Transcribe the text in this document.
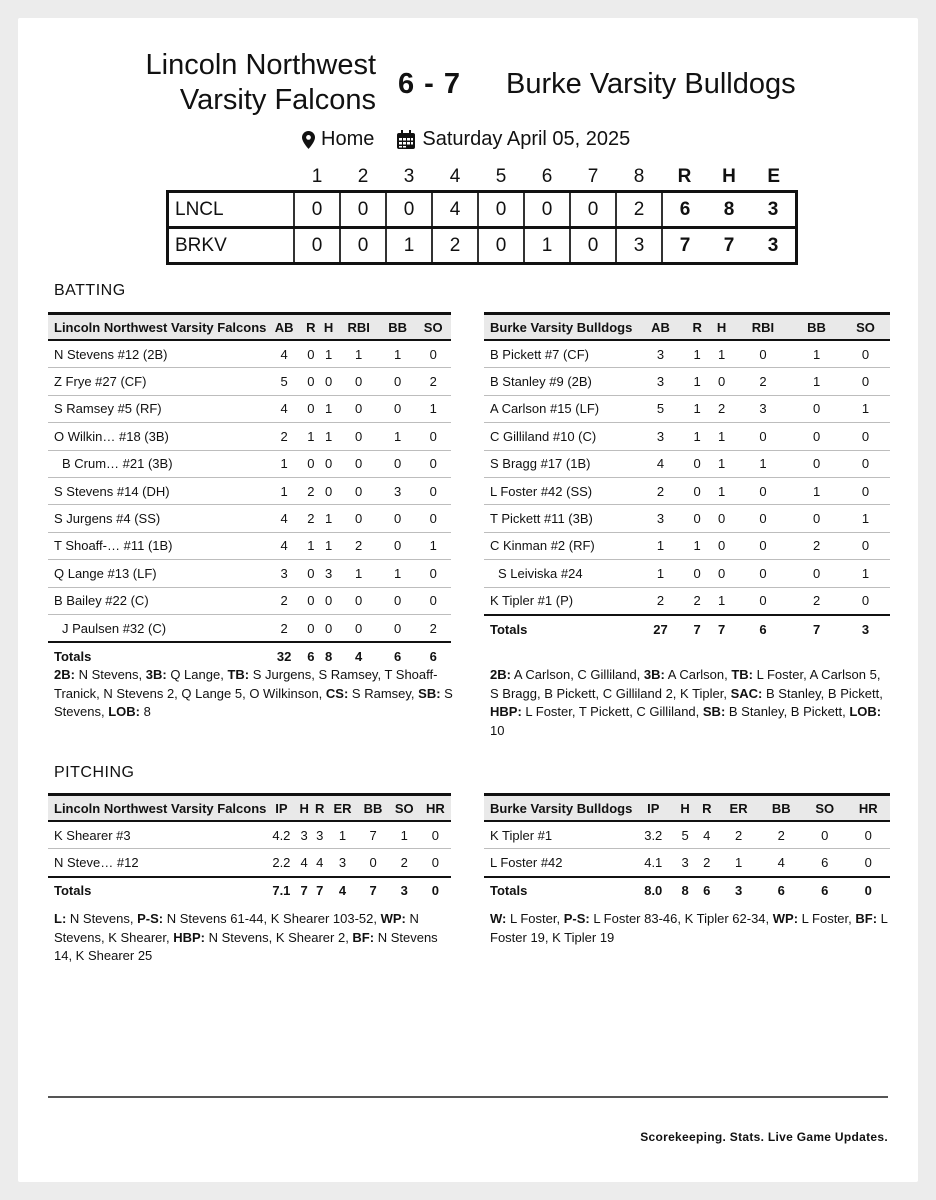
Lincoln Northwest Varsity Falcons 6 - 7	Burke Varsity Bulldogs
Home Saturday April 05, 2025
	1	2	3	4	5	6	7	8	R	H	E
LNCL	0	0	0	4	0	0	0	2	6	8	3
BRKV	0	0	1	2	0	1	0	3	7	7	3
BATTING
Lincoln Northwest Varsity Falcons	AB	R	H	RBI	BB	SO
N Stevens #12 (2B)	4	0	1	1	1	0
Z Frye #27 (CF)	5	0	0	0	0	2
S Ramsey #5 (RF)	4	0	1	0	0	1
O Wilkin… #18 (3B)	2	1	1	0	1	0
B Crum… #21 (3B)	1	0	0	0	0	0
S Stevens #14 (DH)	1	2	0	0	3	0
S Jurgens #4 (SS)	4	2	1	0	0	0
T Shoaff-… #11 (1B)	4	1	1	2	0	1
Q Lange #13 (LF)	3	0	3	1	1	0
B Bailey #22 (C)	2	0	0	0	0	0
J Paulsen #32 (C)	2	0	0	0	0	2
Totals	32	6	8	4	6	6
Burke Varsity Bulldogs	AB	R	H	RBI	BB	SO
B Pickett #7 (CF)	3	1	1	0	1	0
B Stanley #9 (2B)	3	1	0	2	1	0
A Carlson #15 (LF)	5	1	2	3	0	1
C Gilliland #10 (C)	3	1	1	0	0	0
S Bragg #17 (1B)	4	0	1	1	0	0
L Foster #42 (SS)	2	0	1	0	1	0
T Pickett #11 (3B)	3	0	0	0	0	1
C Kinman #2 (RF)	1	1	0	0	2	0
S Leiviska #24	1	0	0	0	0	1
K Tipler #1 (P)	2	2	1	0	2	0
Totals	27	7	7	6	7	3
2B: N Stevens, 3B: Q Lange, TB: S Jurgens, S Ramsey, T Shoaff-Tranick, N Stevens 2, Q Lange 5, O Wilkinson, CS: S Ramsey, SB: S Stevens, LOB: 8
2B: A Carlson, C Gilliland, 3B: A Carlson, TB: L Foster, A Carlson 5, S Bragg, B Pickett, C Gilliland 2, K Tipler, SAC: B Stanley, B Pickett, HBP: L Foster, T Pickett, C Gilliland, SB: B Stanley, B Pickett, LOB: 10
PITCHING
Lincoln Northwest Varsity Falcons	IP	H	R	ER	BB	SO	HR
K Shearer #3	4.2	3	3	1	7	1	0
N Steve… #12	2.2	4	4	3	0	2	0
Totals	7.1	7	7	4	7	3	0
Burke Varsity Bulldogs	IP	H	R	ER	BB	SO	HR
K Tipler #1	3.2	5	4	2	2	0	0
L Foster #42	4.1	3	2	1	4	6	0
Totals	8.0	8	6	3	6	6	0
L: N Stevens, P-S: N Stevens 61-44, K Shearer 103-52, WP: N Stevens, K Shearer, HBP: N Stevens, K Shearer 2, BF: N Stevens 14, K Shearer 25
W: L Foster, P-S: L Foster 83-46, K Tipler 62-34, WP: L Foster, BF: L Foster 19, K Tipler 19
Scorekeeping. Stats. Live Game Updates.
